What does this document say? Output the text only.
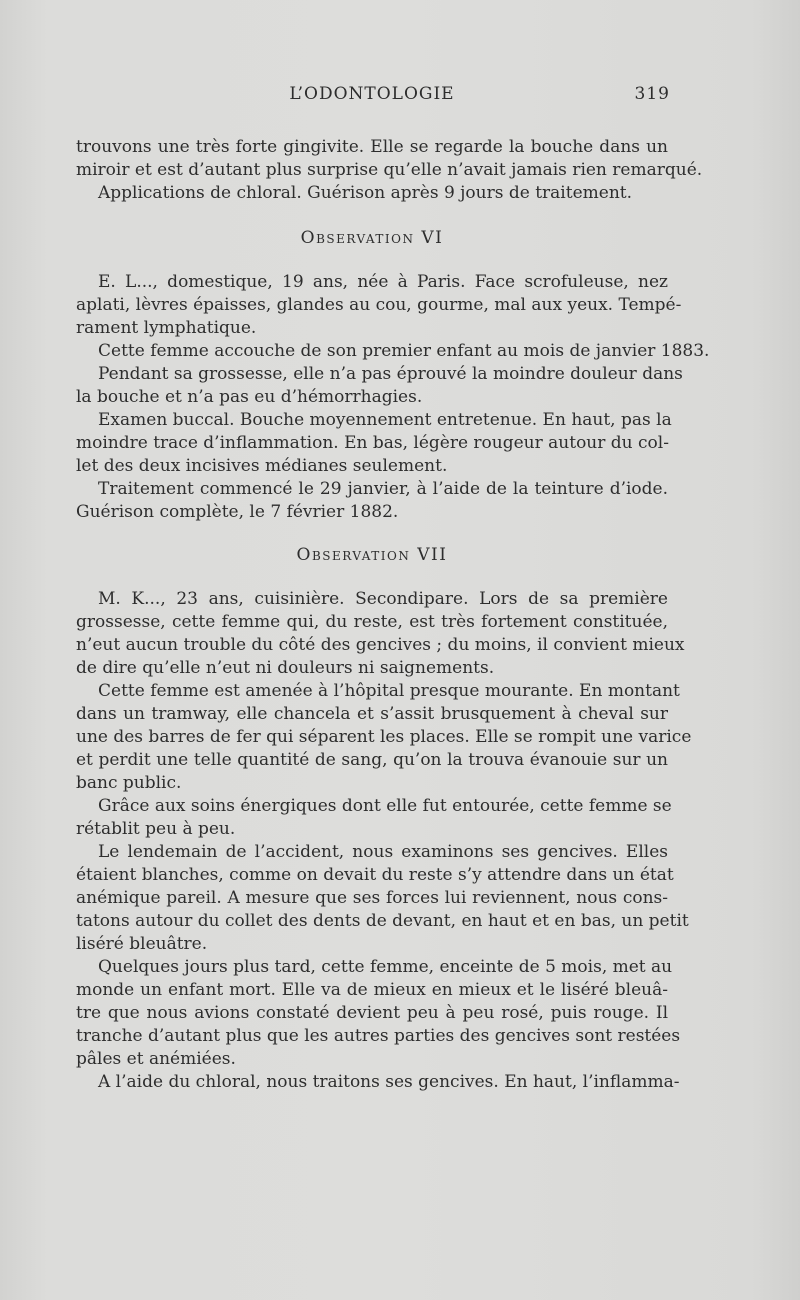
L’ODONTOLOGIE	319
trouvons une très forte gingivite. Elle se regarde la bouche dans un
miroir et est d’autant plus surprise qu’elle n’avait jamais rien remarqué.
Applications de chloral. Guérison après 9 jours de traitement.
Observation VI
E. L..., domestique, 19 ans, née à Paris. Face scrofuleuse, nez
aplati, lèvres épaisses, glandes au cou, gourme, mal aux yeux. Tempé-
rament lymphatique.
Cette femme accouche de son premier enfant au mois de janvier 1883.
Pendant sa grossesse, elle n’a pas éprouvé la moindre douleur dans
la bouche et n’a pas eu d’hémorrhagies.
Examen buccal. Bouche moyennement entretenue. En haut, pas la
moindre trace d’inflammation. En bas, légère rougeur autour du col-
let des deux incisives médianes seulement.
Traitement commencé le 29 janvier, à l’aide de la teinture d’iode.
Guérison complète, le 7 février 1882.
Observation VII
M. K..., 23 ans, cuisinière. Secondipare. Lors de sa première
grossesse, cette femme qui, du reste, est très fortement constituée,
n’eut aucun trouble du côté des gencives ; du moins, il convient mieux
de dire qu’elle n’eut ni douleurs ni saignements.
Cette femme est amenée à l’hôpital presque mourante. En montant
dans un tramway, elle chancela et s’assit brusquement à cheval sur
une des barres de fer qui séparent les places. Elle se rompit une varice
et perdit une telle quantité de sang, qu’on la trouva évanouie sur un
banc public.
Grâce aux soins énergiques dont elle fut entourée, cette femme se
rétablit peu à peu.
Le lendemain de l’accident, nous examinons ses gencives. Elles
étaient blanches, comme on devait du reste s’y attendre dans un état
anémique pareil. A mesure que ses forces lui reviennent, nous cons-
tatons autour du collet des dents de devant, en haut et en bas, un petit
liséré bleuâtre.
Quelques jours plus tard, cette femme, enceinte de 5 mois, met au
monde un enfant mort. Elle va de mieux en mieux et le liséré bleuâ-
tre que nous avions constaté devient peu à peu rosé, puis rouge. Il
tranche d’autant plus que les autres parties des gencives sont restées
pâles et anémiées.
A l’aide du chloral, nous traitons ses gencives. En haut, l’inflamma-
